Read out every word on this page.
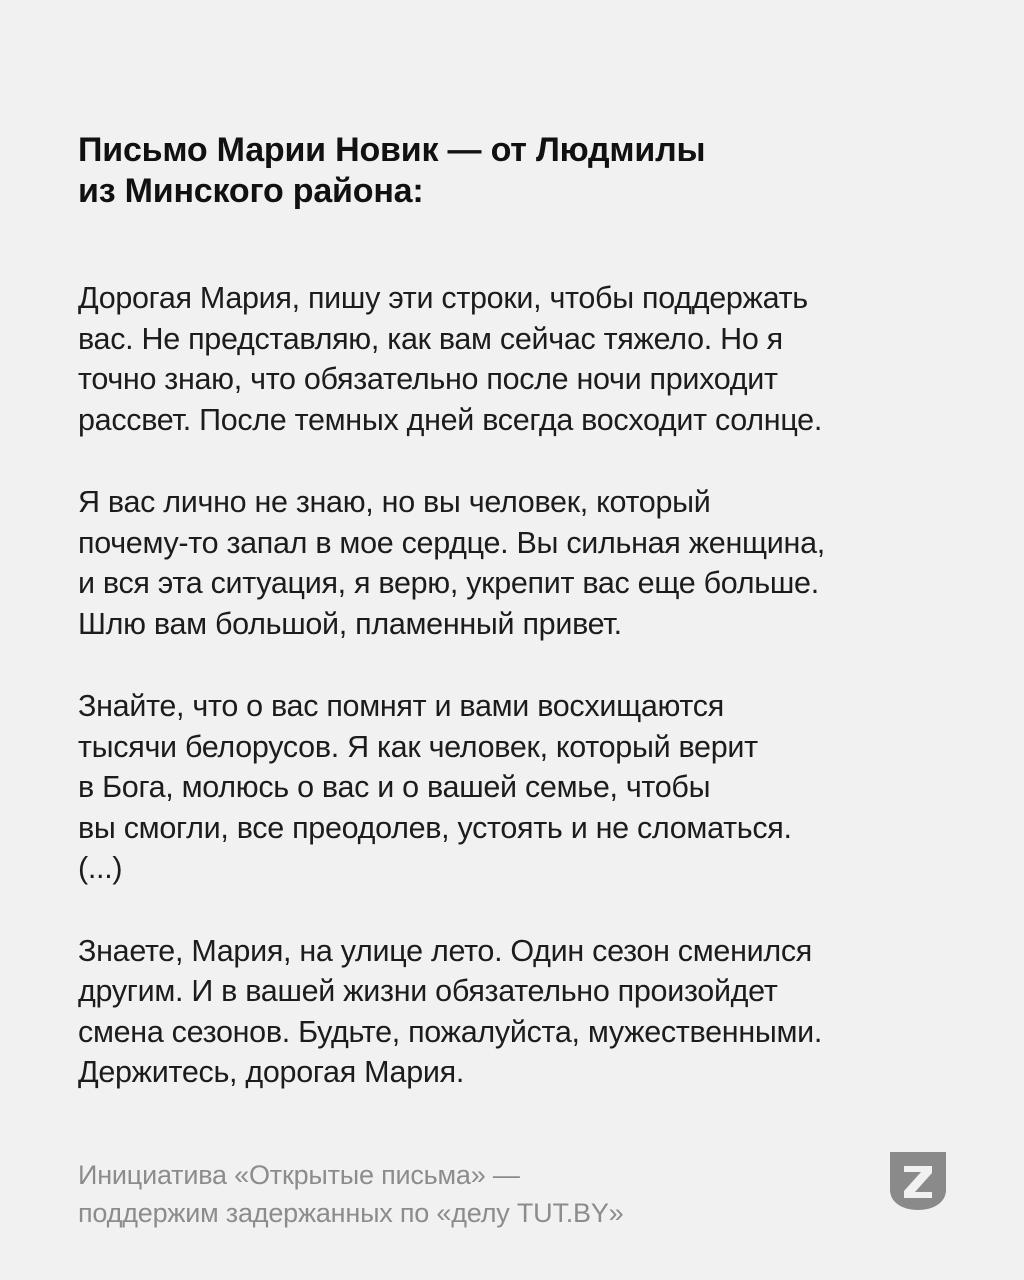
Письмо Марии Новик — от Людмилы
из Минского района:

Дорогая Мария, пишу эти строки, чтобы поддержать
вас. Не представляю, как вам сейчас тяжело. Но я
точно знаю, что обязательно после ночи приходит
рассвет. После темных дней всегда восходит солнце.

Я вас лично не знаю, но вы человек, который
почему-то запал в мое сердце. Вы сильная женщина,
и вся эта ситуация, я верю, укрепит вас еще больше.
Шлю вам большой, пламенный привет.

Знайте, что о вас помнят и вами восхищаются
тысячи белорусов. Я как человек, который верит
в Бога, молюсь о вас и о вашей семье, чтобы
вы смогли, все преодолев, устоять и не сломаться.
(...)

Знаете, Мария, на улице лето. Один сезон сменился
другим. И в вашей жизни обязательно произойдет
смена сезонов. Будьте, пожалуйста, мужественными.
Держитесь, дорогая Мария.

Инициатива «Открытые письма» —
поддержим задержанных по «делу TUT.BY»
